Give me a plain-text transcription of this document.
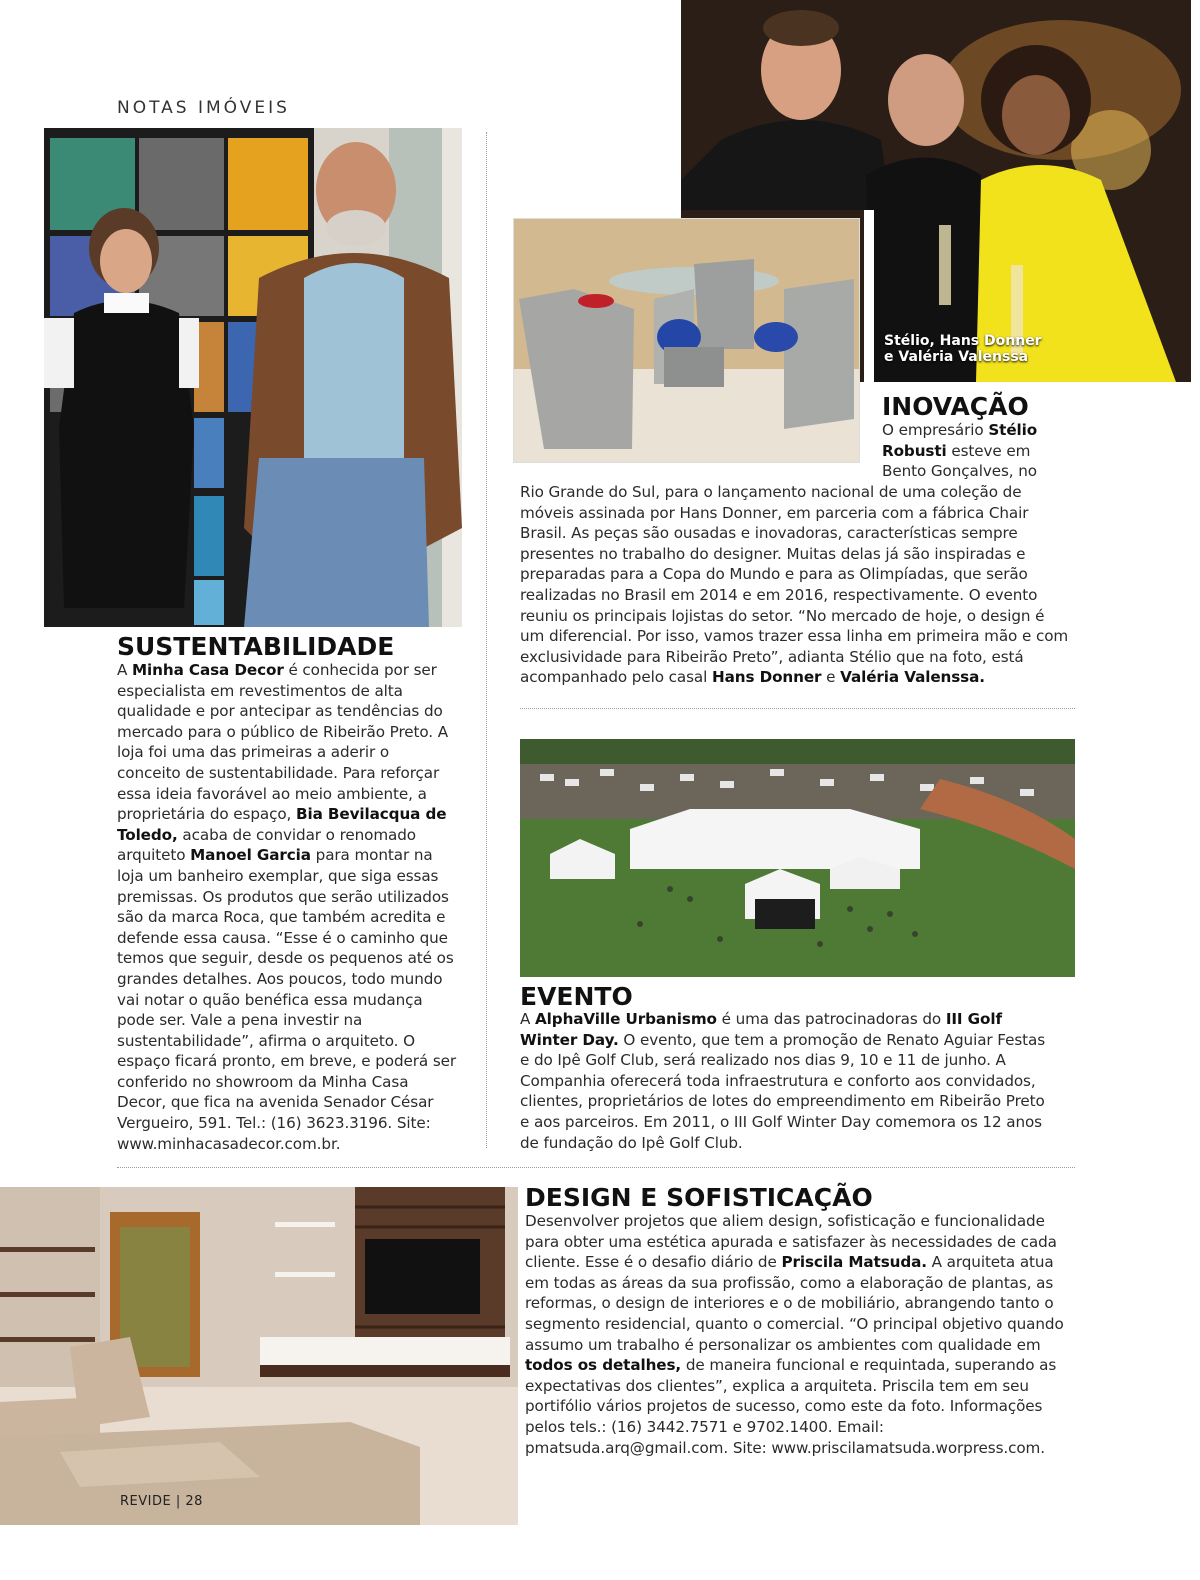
NOTAS IMÓVEIS
Stélio, Hans Donner
e Valéria Valenssa
SUSTENTABILIDADE

A Minha Casa Decor é conhecida por ser especialista em revestimentos de alta qualidade e por antecipar as tendências do mercado para o público de Ribeirão Preto. A loja foi uma das primeiras a aderir o conceito de sustentabilidade. Para reforçar essa ideia favorável ao meio ambiente, a proprietária do espaço, Bia Bevilacqua de Toledo, acaba de convidar o renomado arquiteto Manoel Garcia para montar na loja um banheiro exemplar, que siga essas premissas. Os produtos que serão utilizados são da marca Roca, que também acredita e defende essa causa. “Esse é o caminho que temos que seguir, desde os pequenos até os grandes detalhes. Aos poucos, todo mundo vai notar o quão benéfica essa mudança pode ser. Vale a pena investir na sustentabilidade”, afirma o arquiteto. O espaço ficará pronto, em breve, e poderá ser conferido no showroom da Minha Casa Decor, que fica na avenida Senador César Vergueiro, 591. Tel.: (16) 3623.3196. Site: www.minhacasadecor.com.br.

INOVAÇÃO

O empresário Stélio Robusti esteve em Bento Gonçalves, no

Rio Grande do Sul, para o lançamento nacional de uma coleção de móveis assinada por Hans Donner, em parceria com a fábrica Chair Brasil. As peças são ousadas e inovadoras, características sempre presentes no trabalho do designer. Muitas delas já são inspiradas e preparadas para a Copa do Mundo e para as Olimpíadas, que serão realizadas no Brasil em 2014 e em 2016, respectivamente. O evento reuniu os principais lojistas do setor. “No mercado de hoje, o design é um diferencial. Por isso, vamos trazer essa linha em primeira mão e com exclusividade para Ribeirão Preto”, adianta Stélio que na foto, está acompanhado pelo casal Hans Donner e Valéria Valenssa.

EVENTO

A AlphaVille Urbanismo é uma das patrocinadoras do III Golf Winter Day. O evento, que tem a promoção de Renato Aguiar Festas e do Ipê Golf Club, será realizado nos dias 9, 10 e 11 de junho. A Companhia oferecerá toda infraestrutura e conforto aos convidados, clientes, proprietários de lotes do empreendimento em Ribeirão Preto e aos parceiros. Em 2011, o III Golf Winter Day comemora os 12 anos de fundação do Ipê Golf Club.

DESIGN E SOFISTICAÇÃO

Desenvolver projetos que aliem design, sofisticação e funcionalidade para obter uma estética apurada e satisfazer às necessidades de cada cliente. Esse é o desafio diário de Priscila Matsuda. A arquiteta atua em todas as áreas da sua profissão, como a elaboração de plantas, as reformas, o design de interiores e o de mobiliário, abrangendo tanto o segmento residencial, quanto o comercial. “O principal objetivo quando assumo um trabalho é personalizar os ambientes com qualidade em todos os detalhes, de maneira funcional e requintada, superando as expectativas dos clientes”, explica a arquiteta. Priscila tem em seu portifólio vários projetos de sucesso, como este da foto. Informações pelos tels.: (16) 3442.7571 e 9702.1400. Email: pmatsuda.arq@gmail.com. Site: www.priscilamatsuda.worpress.com.

REVIDE | 28
